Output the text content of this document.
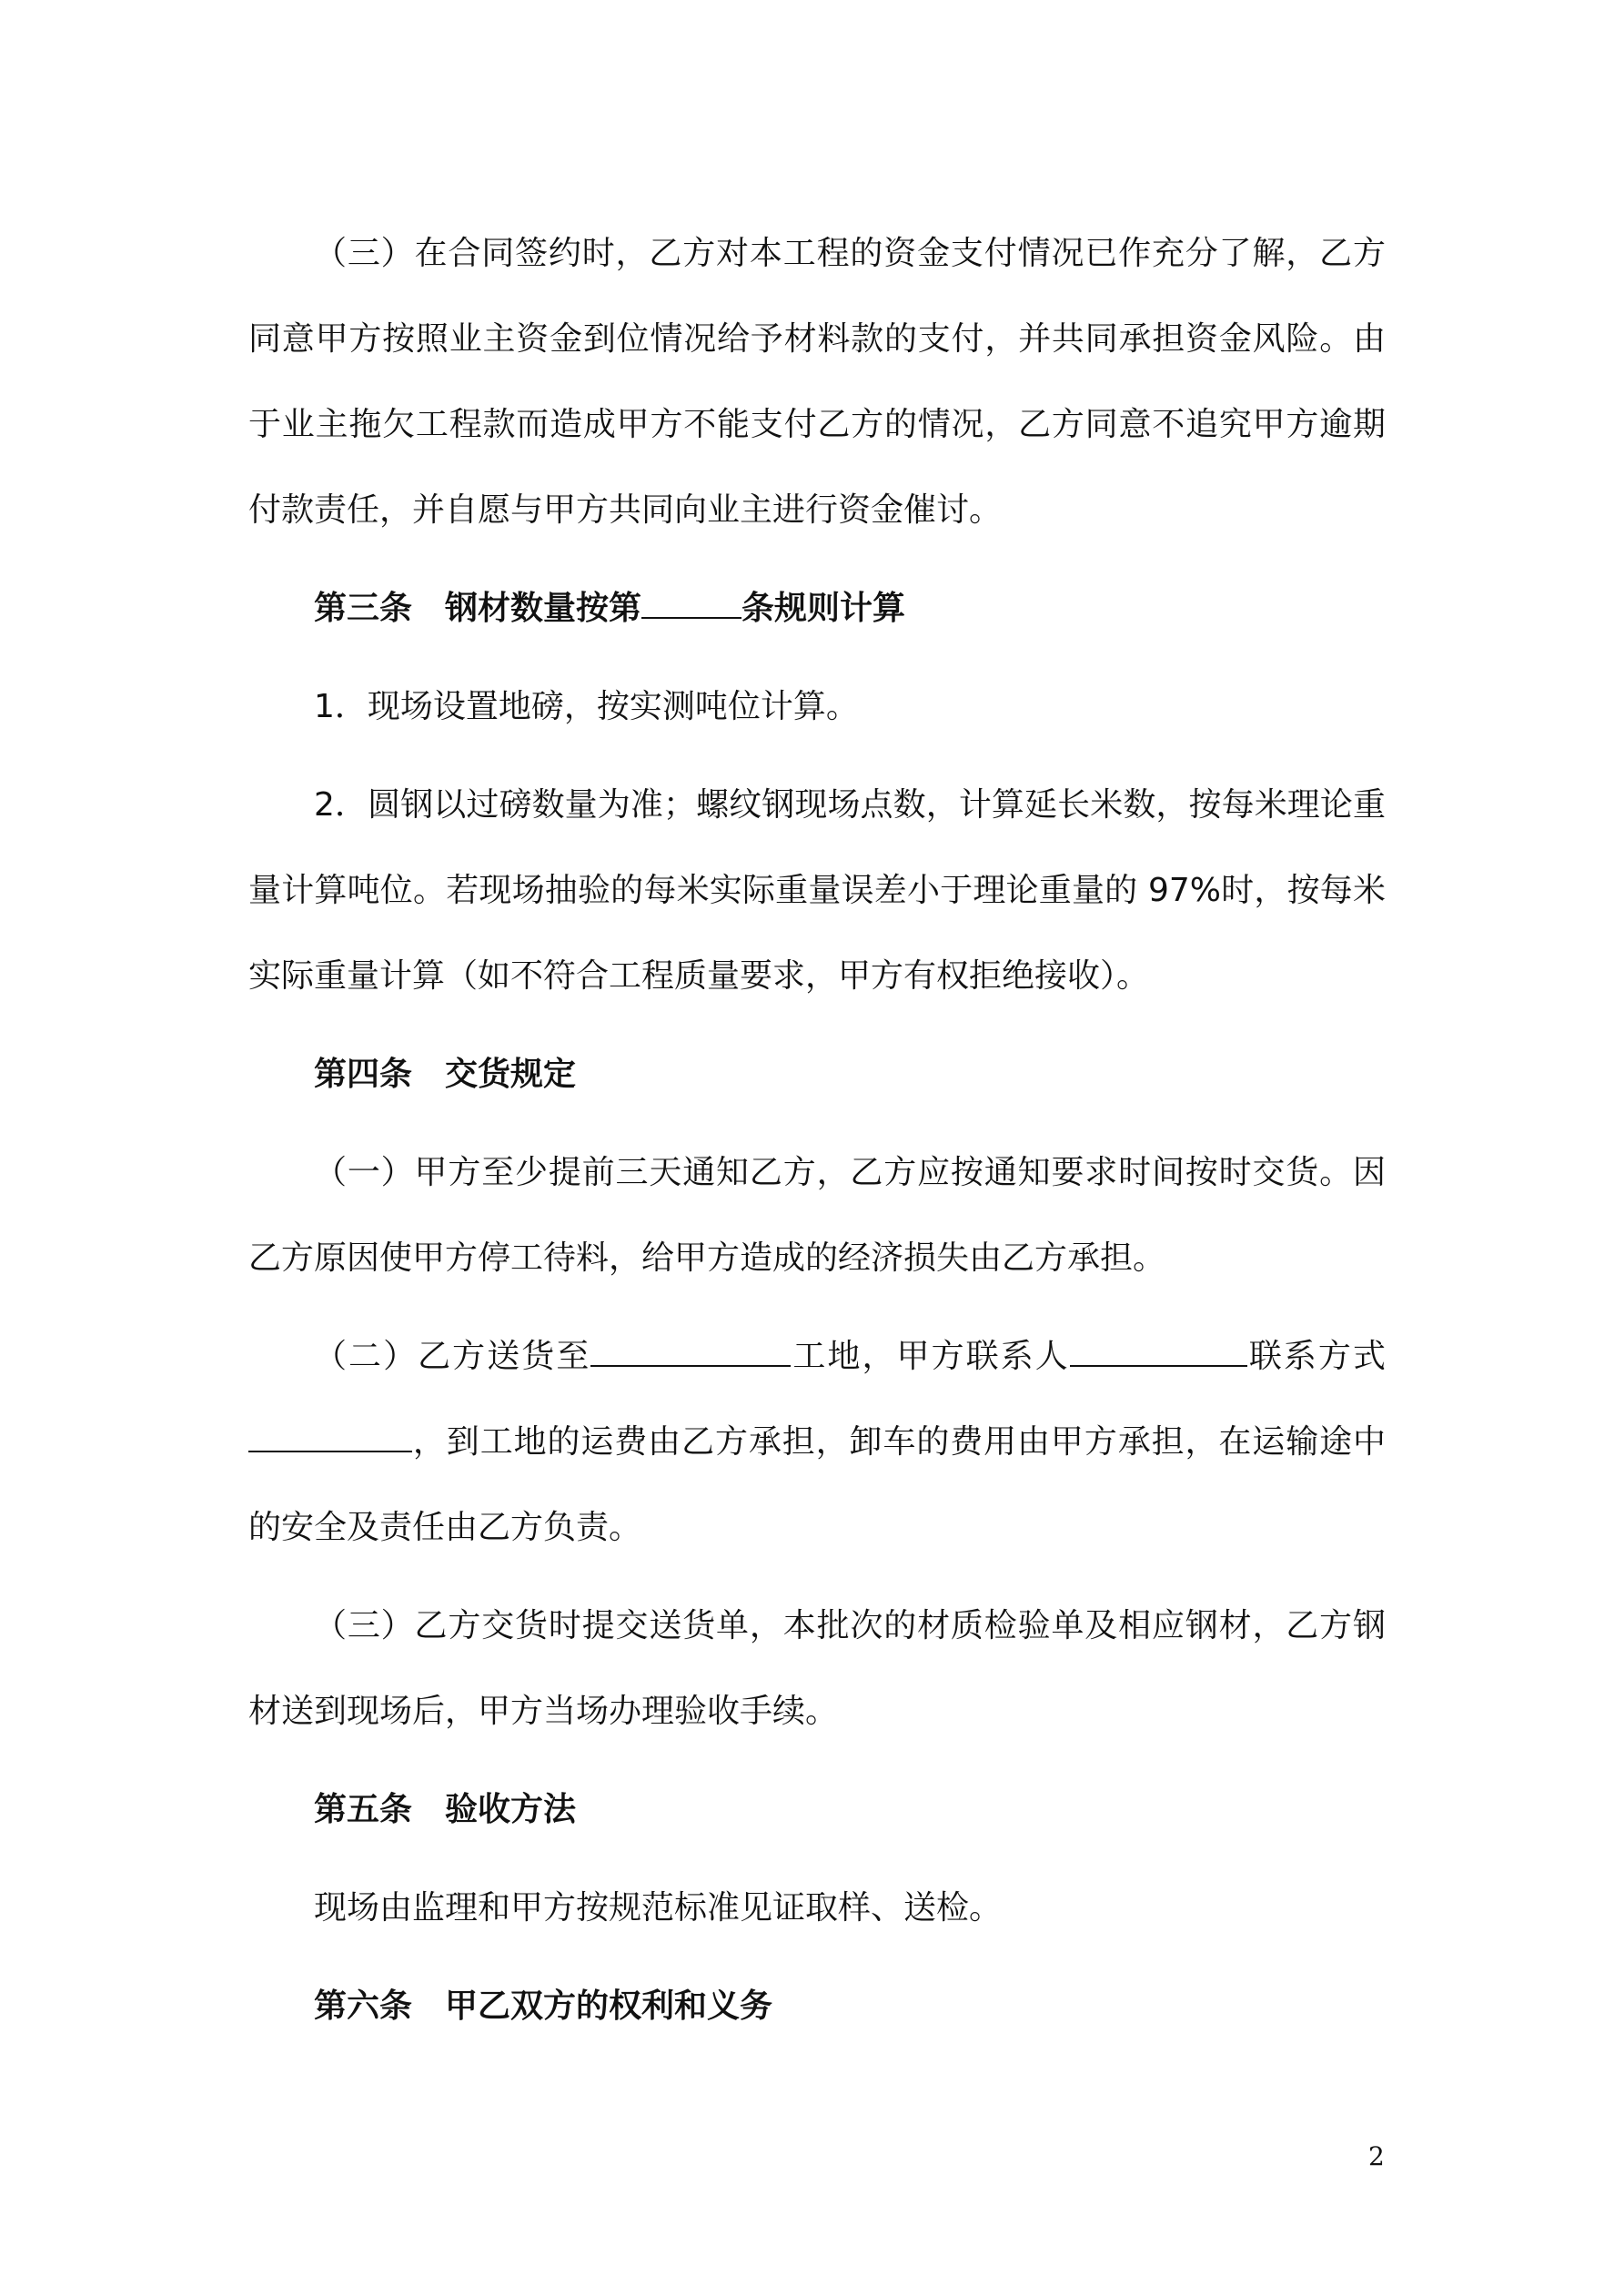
（三）在合同签约时，乙方对本工程的资金支付情况已作充分了解，乙方同意甲方按照业主资金到位情况给予材料款的支付，并共同承担资金风险。由于业主拖欠工程款而造成甲方不能支付乙方的情况，乙方同意不追究甲方逾期付款责任，并自愿与甲方共同向业主进行资金催讨。

第三条 钢材数量按第	条规则计算

1．现场设置地磅，按实测吨位计算。

2．圆钢以过磅数量为准；螺纹钢现场点数，计算延长米数，按每米理论重量计算吨位。若现场抽验的每米实际重量误差小于理论重量的 97%时，按每米实际重量计算（如不符合工程质量要求，甲方有权拒绝接收）。

第四条 交货规定

（一）甲方至少提前三天通知乙方，乙方应按通知要求时间按时交货。因乙方原因使甲方停工待料，给甲方造成的经济损失由乙方承担。

（二）乙方送货至	工地，甲方联系人	联系方式，到工地的运费由乙方承担，卸车的费用由甲方承担，在运输途中的安全及责任由乙方负责。

（三）乙方交货时提交送货单，本批次的材质检验单及相应钢材，乙方钢材送到现场后，甲方当场办理验收手续。

第五条 验收方法

现场由监理和甲方按规范标准见证取样、送检。

第六条 甲乙双方的权利和义务

2
